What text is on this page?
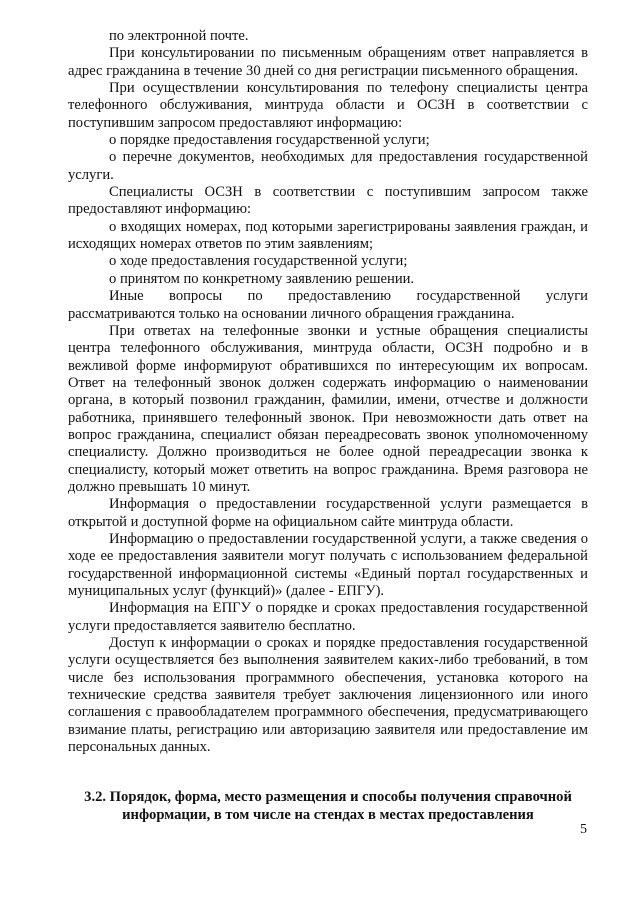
по электронной почте.

При консультировании по письменным обращениям ответ направляется в адрес гражданина в течение 30 дней со дня регистрации письменного обращения.

При осуществлении консультирования по телефону специалисты центра телефонного обслуживания, минтруда области и ОСЗН в соответствии с поступившим запросом предоставляют информацию:

о порядке предоставления государственной услуги;

о перечне документов, необходимых для предоставления государственной услуги.

Специалисты ОСЗН в соответствии с поступившим запросом также предоставляют информацию:

о входящих номерах, под которыми зарегистрированы заявления граждан, и исходящих номерах ответов по этим заявлениям;

о ходе предоставления государственной услуги;

о принятом по конкретному заявлению решении.

Иные вопросы по предоставлению государственной услуги рассматриваются только на основании личного обращения гражданина.

При ответах на телефонные звонки и устные обращения специалисты центра телефонного обслуживания, минтруда области, ОСЗН подробно и в вежливой форме информируют обратившихся по интересующим их вопросам. Ответ на телефонный звонок должен содержать информацию о наименовании органа, в который позвонил гражданин, фамилии, имени, отчестве и должности работника, принявшего телефонный звонок. При невозможности дать ответ на вопрос гражданина, специалист обязан переадресовать звонок уполномоченному специалисту. Должно производиться не более одной переадресации звонка к специалисту, который может ответить на вопрос гражданина. Время разговора не должно превышать 10 минут.

Информация о предоставлении государственной услуги размещается в открытой и доступной форме на официальном сайте минтруда области.

Информацию о предоставлении государственной услуги, а также сведения о ходе ее предоставления заявители могут получать с использованием федеральной государственной информационной системы «Единый портал государственных и муниципальных услуг (функций)» (далее - ЕПГУ).

Информация на ЕПГУ о порядке и сроках предоставления государственной услуги предоставляется заявителю бесплатно.

Доступ к информации о сроках и порядке предоставления государственной услуги осуществляется без выполнения заявителем каких-либо требований, в том числе без использования программного обеспечения, установка которого на технические средства заявителя требует заключения лицензионного или иного соглашения с правообладателем программного обеспечения, предусматривающего взимание платы, регистрацию или авторизацию заявителя или предоставление им персональных данных.

3.2. Порядок, форма, место размещения и способы получения справочной информации, в том числе на стендах в местах предоставления

5
